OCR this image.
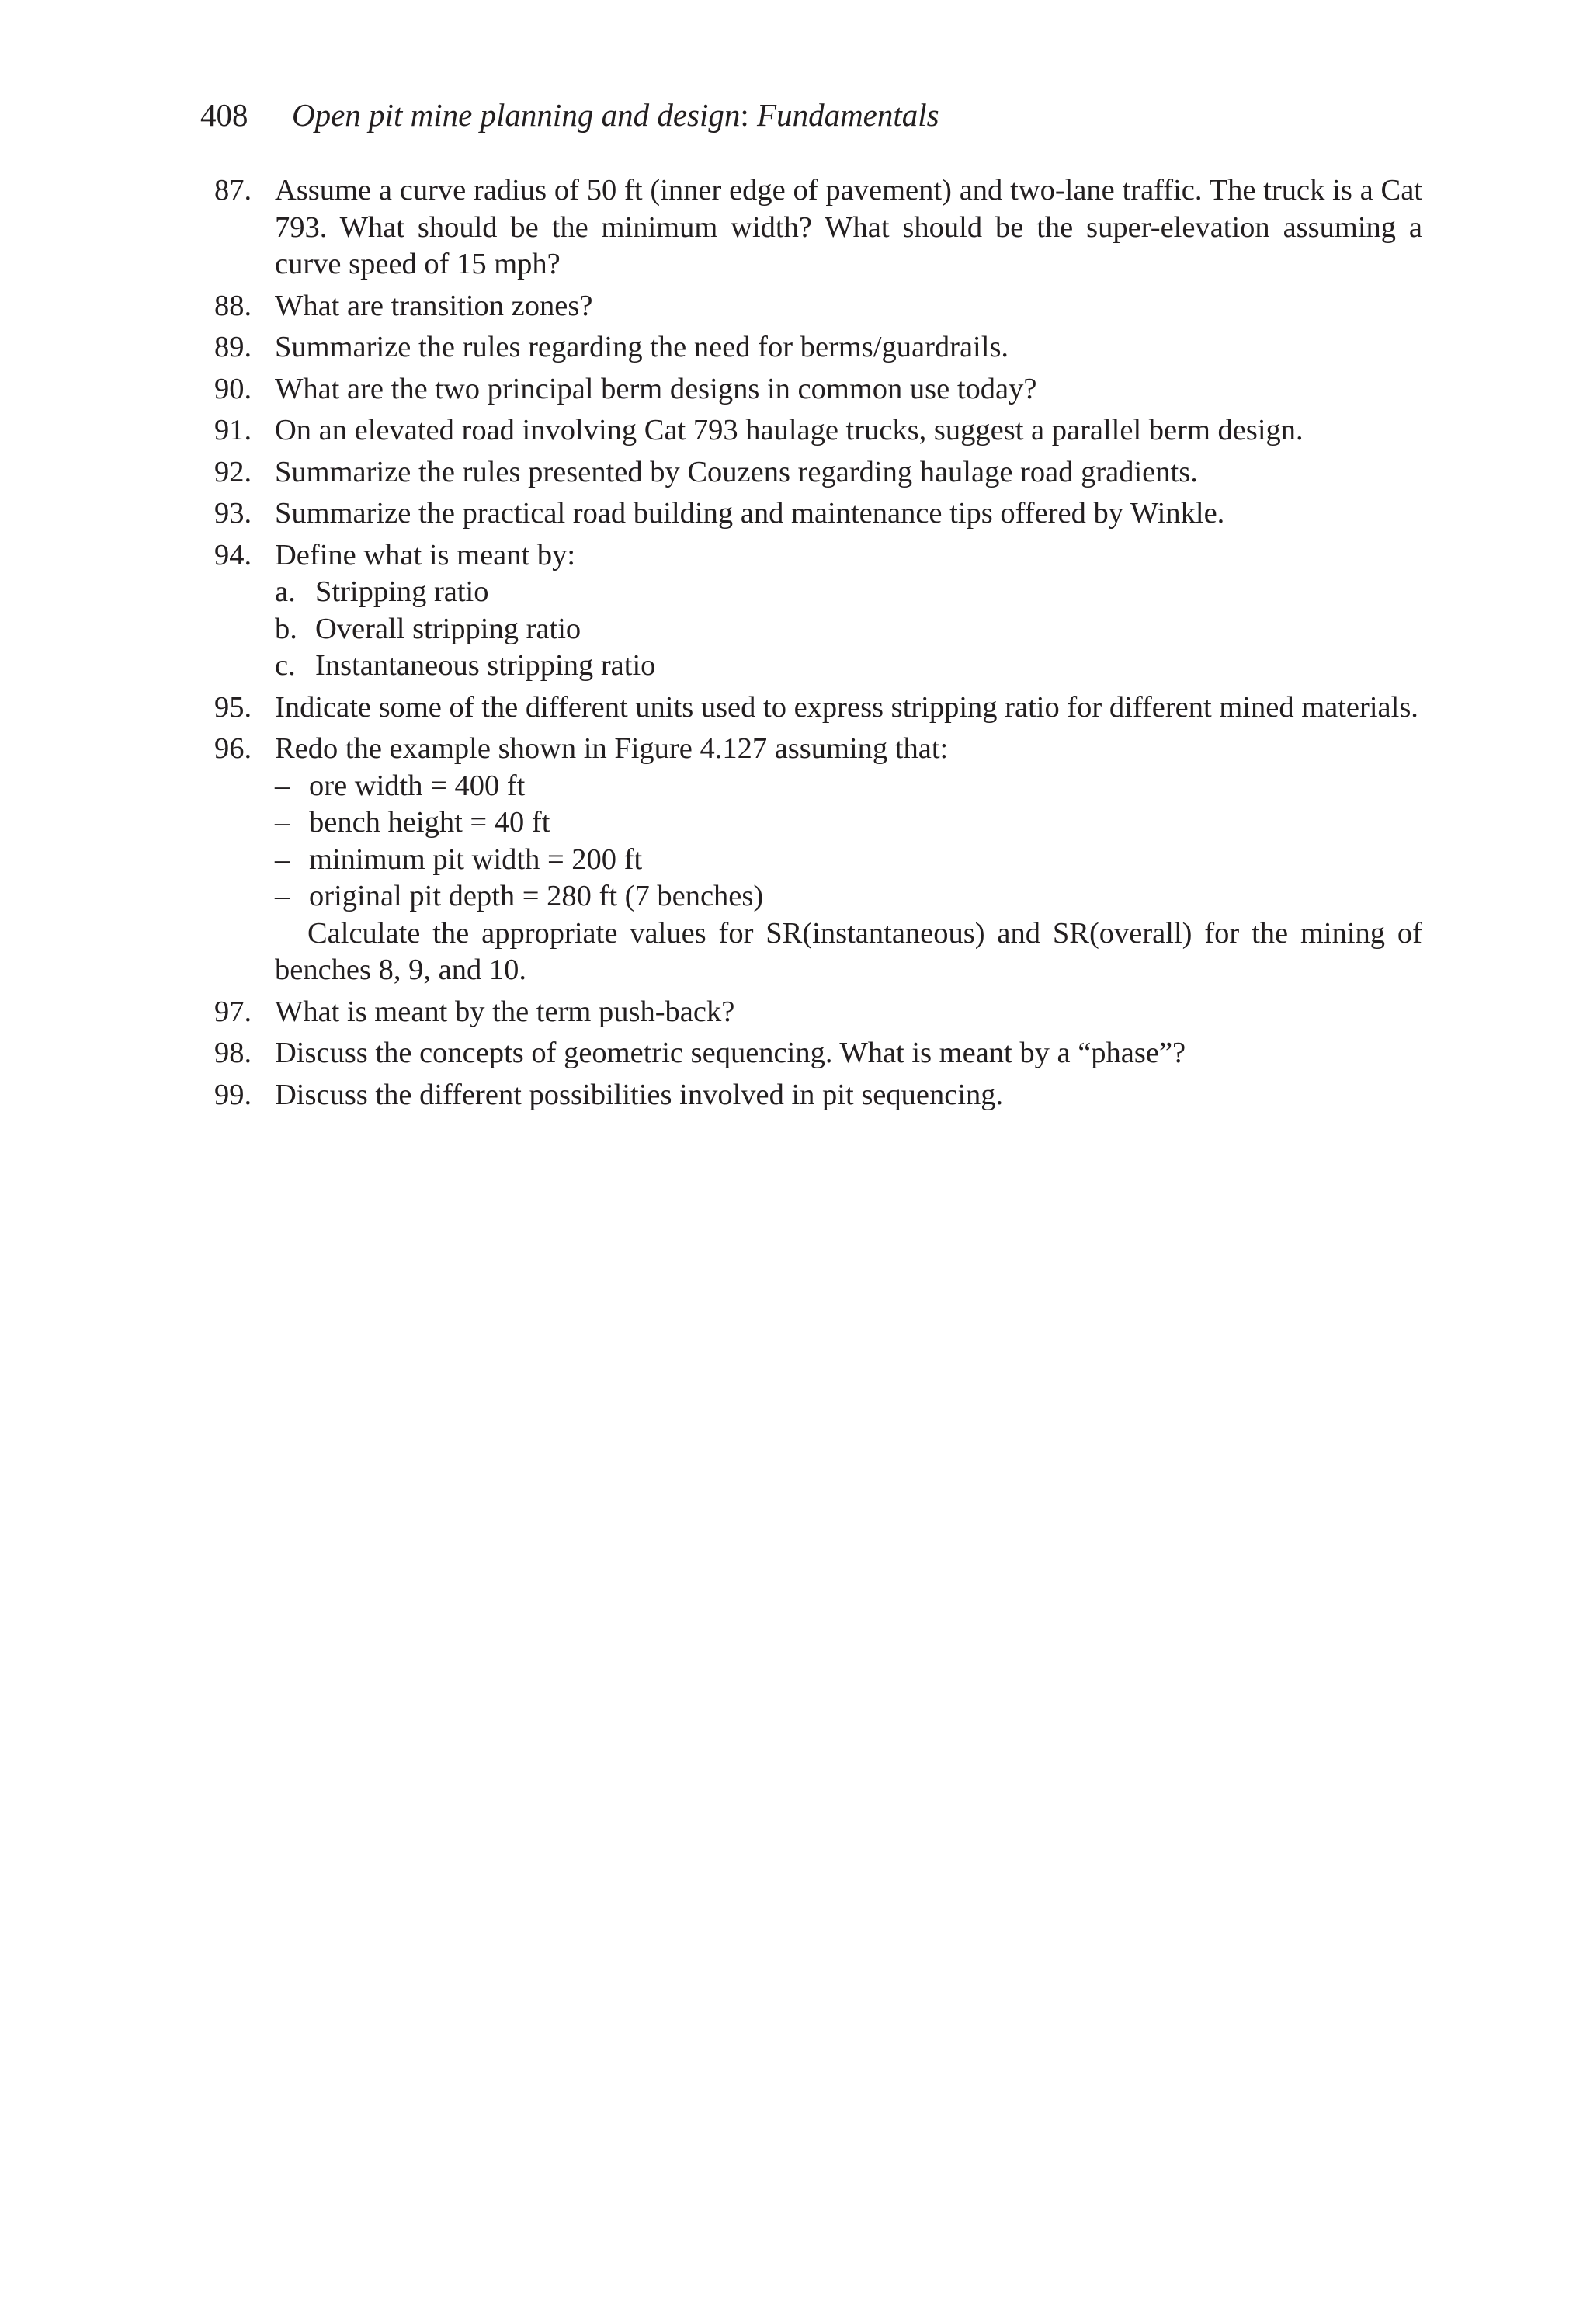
408 Open pit mine planning and design: Fundamentals
87. Assume a curve radius of 50 ft (inner edge of pavement) and two-lane traffic. The truck is a Cat 793. What should be the minimum width? What should be the super-elevation assuming a curve speed of 15 mph?
88. What are transition zones?
89. Summarize the rules regarding the need for berms/guardrails.
90. What are the two principal berm designs in common use today?
91. On an elevated road involving Cat 793 haulage trucks, suggest a parallel berm design.
92. Summarize the rules presented by Couzens regarding haulage road gradients.
93. Summarize the practical road building and maintenance tips offered by Winkle.
94. Define what is meant by:
a. Stripping ratio
b. Overall stripping ratio
c. Instantaneous stripping ratio
95. Indicate some of the different units used to express stripping ratio for different mined materials.
96. Redo the example shown in Figure 4.127 assuming that:
– ore width = 400 ft
– bench height = 40 ft
– minimum pit width = 200 ft
– original pit depth = 280 ft (7 benches)
Calculate the appropriate values for SR(instantaneous) and SR(overall) for the mining of benches 8, 9, and 10.
97. What is meant by the term push-back?
98. Discuss the concepts of geometric sequencing. What is meant by a “phase”?
99. Discuss the different possibilities involved in pit sequencing.
